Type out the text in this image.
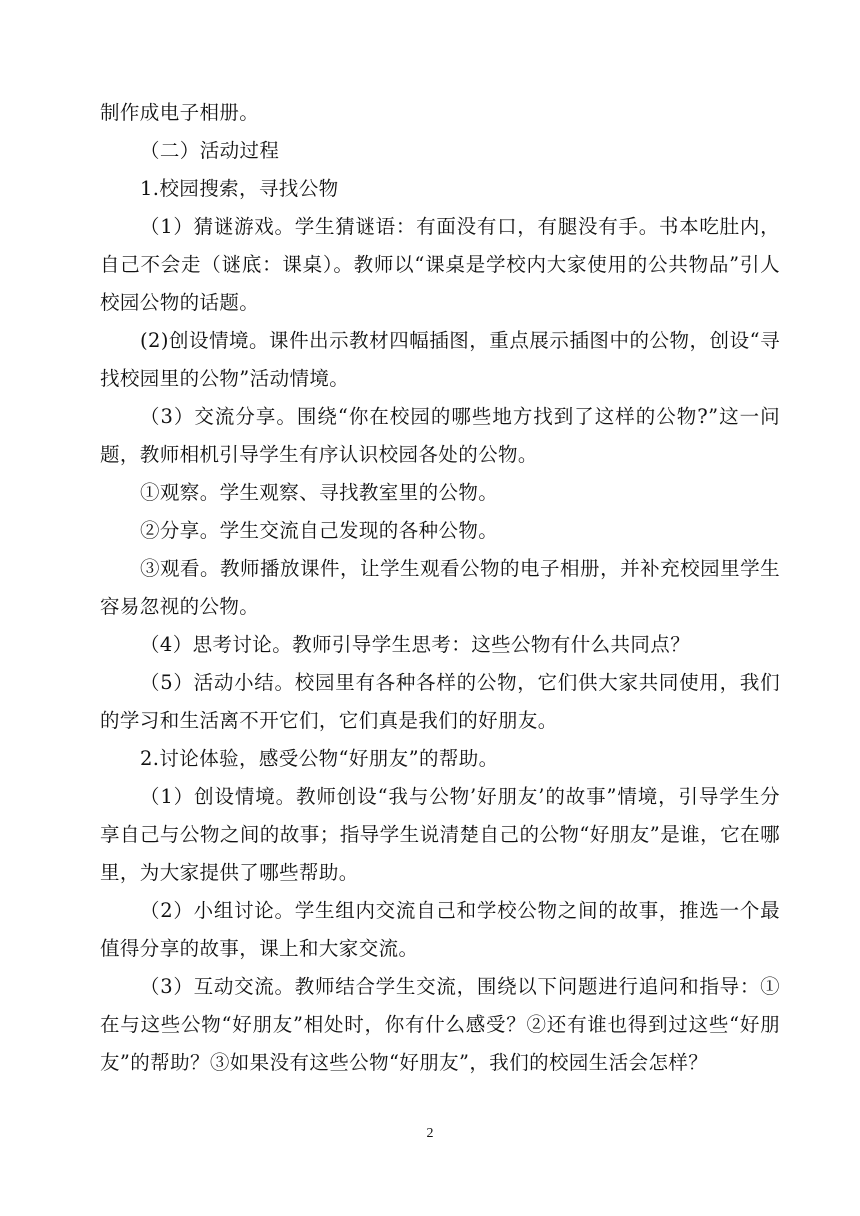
制作成电子相册。

（二）活动过程

1.校园搜索，寻找公物

（1）猜谜游戏。学生猜谜语：有面没有口，有腿没有手。书本吃肚内，自己不会走（谜底：课桌）。教师以“课桌是学校内大家使用的公共物品”引人校园公物的话题。

(2)创设情境。课件出示教材四幅插图，重点展示插图中的公物，创设“寻找校园里的公物”活动情境。

（3）交流分享。围绕“你在校园的哪些地方找到了这样的公物?”这一问题，教师相机引导学生有序认识校园各处的公物。

①观察。学生观察、寻找教室里的公物。

②分享。学生交流自己发现的各种公物。

③观看。教师播放课件，让学生观看公物的电子相册，并补充校园里学生容易忽视的公物。

（4）思考讨论。教师引导学生思考：这些公物有什么共同点？

（5）活动小结。校园里有各种各样的公物，它们供大家共同使用，我们的学习和生活离不开它们，它们真是我们的好朋友。

2.讨论体验，感受公物“好朋友”的帮助。

（1）创设情境。教师创设“我与公物’好朋友’的故事”情境，引导学生分享自己与公物之间的故事；指导学生说清楚自己的公物“好朋友”是谁，它在哪里，为大家提供了哪些帮助。

（2）小组讨论。学生组内交流自己和学校公物之间的故事，推选一个最值得分享的故事，课上和大家交流。

（3）互动交流。教师结合学生交流，围绕以下问题进行追问和指导：①在与这些公物“好朋友”相处时，你有什么感受？②还有谁也得到过这些“好朋友”的帮助？③如果没有这些公物“好朋友”，我们的校园生活会怎样？

2
